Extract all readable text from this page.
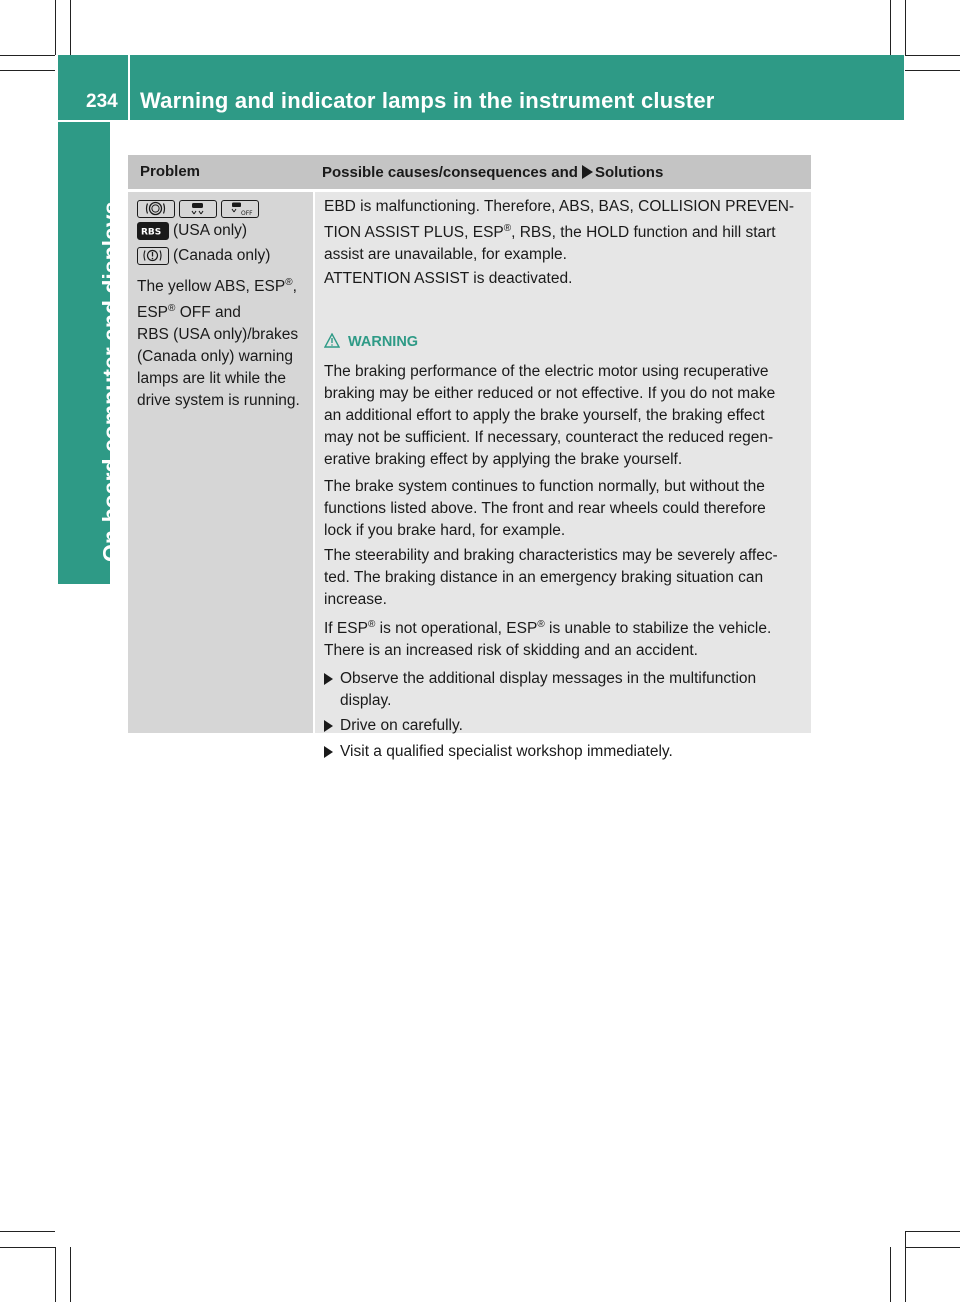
234 Warning and indicator lamps in the instrument cluster
On-board computer and displays
Problem	Possible causes/consequences and Solutions
OFF
RBS (USA only)
(Canada only)
The yellow ABS, ESP®,
ESP® OFF and
RBS (USA only)/brakes
(Canada only) warning
lamps are lit while the
drive system is running.
EBD is malfunctioning. Therefore, ABS, BAS, COLLISION PREVEN-
TION ASSIST PLUS, ESP®, RBS, the HOLD function and hill start
assist are unavailable, for example.
ATTENTION ASSIST is deactivated.
WARNING
The braking performance of the electric motor using recuperative
braking may be either reduced or not effective. If you do not make
an additional effort to apply the brake yourself, the braking effect
may not be sufficient. If necessary, counteract the reduced regen-
erative braking effect by applying the brake yourself.
The brake system continues to function normally, but without the
functions listed above. The front and rear wheels could therefore
lock if you brake hard, for example.
The steerability and braking characteristics may be severely affec-
ted. The braking distance in an emergency braking situation can
increase.
If ESP® is not operational, ESP® is unable to stabilize the vehicle.
There is an increased risk of skidding and an accident.
Observe the additional display messages in the multifunction
display.
Drive on carefully.
Visit a qualified specialist workshop immediately.
